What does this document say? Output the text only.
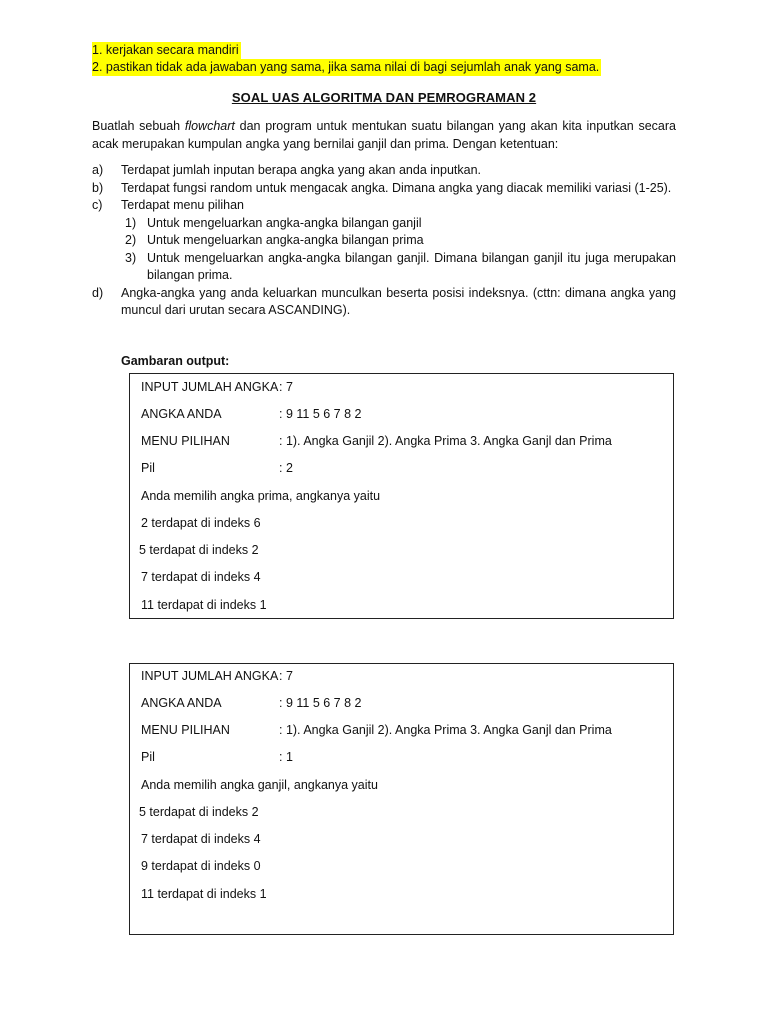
1. kerjakan secara mandiri
2. pastikan tidak ada jawaban yang sama, jika sama nilai di bagi sejumlah anak yang sama.
SOAL UAS ALGORITMA DAN PEMROGRAMAN 2
Buatlah sebuah flowchart dan program untuk mentukan suatu bilangan yang akan kita inputkan secara acak merupakan kumpulan angka yang bernilai ganjil dan prima. Dengan ketentuan:
a) Terdapat jumlah inputan berapa angka yang akan anda inputkan.
b) Terdapat fungsi random untuk mengacak angka. Dimana angka yang diacak memiliki variasi (1-25).
c) Terdapat menu pilihan
1) Untuk mengeluarkan angka-angka bilangan ganjil
2) Untuk mengeluarkan angka-angka bilangan prima
3) Untuk mengeluarkan angka-angka bilangan ganjil. Dimana bilangan ganjil itu juga merupakan bilangan prima.
d) Angka-angka yang anda keluarkan munculkan beserta posisi indeksnya. (cttn: dimana angka yang muncul dari urutan secara ASCANDING).
Gambaran output:
INPUT JUMLAH ANGKA: 7
ANGKA ANDA	: 9 11 5 6 7 8 2
MENU PILIHAN	: 1). Angka Ganjil 2). Angka Prima 3. Angka Ganjl dan Prima
Pil	: 2
Anda memilih angka prima, angkanya yaitu
2 terdapat di indeks 6
5 terdapat di indeks 2
7 terdapat di indeks 4
11 terdapat di indeks 1
INPUT JUMLAH ANGKA: 7
ANGKA ANDA	: 9 11 5 6 7 8 2
MENU PILIHAN	: 1). Angka Ganjil 2). Angka Prima 3. Angka Ganjl dan Prima
Pil	: 1
Anda memilih angka ganjil, angkanya yaitu
5 terdapat di indeks 2
7 terdapat di indeks 4
9 terdapat di indeks 0
11 terdapat di indeks 1
